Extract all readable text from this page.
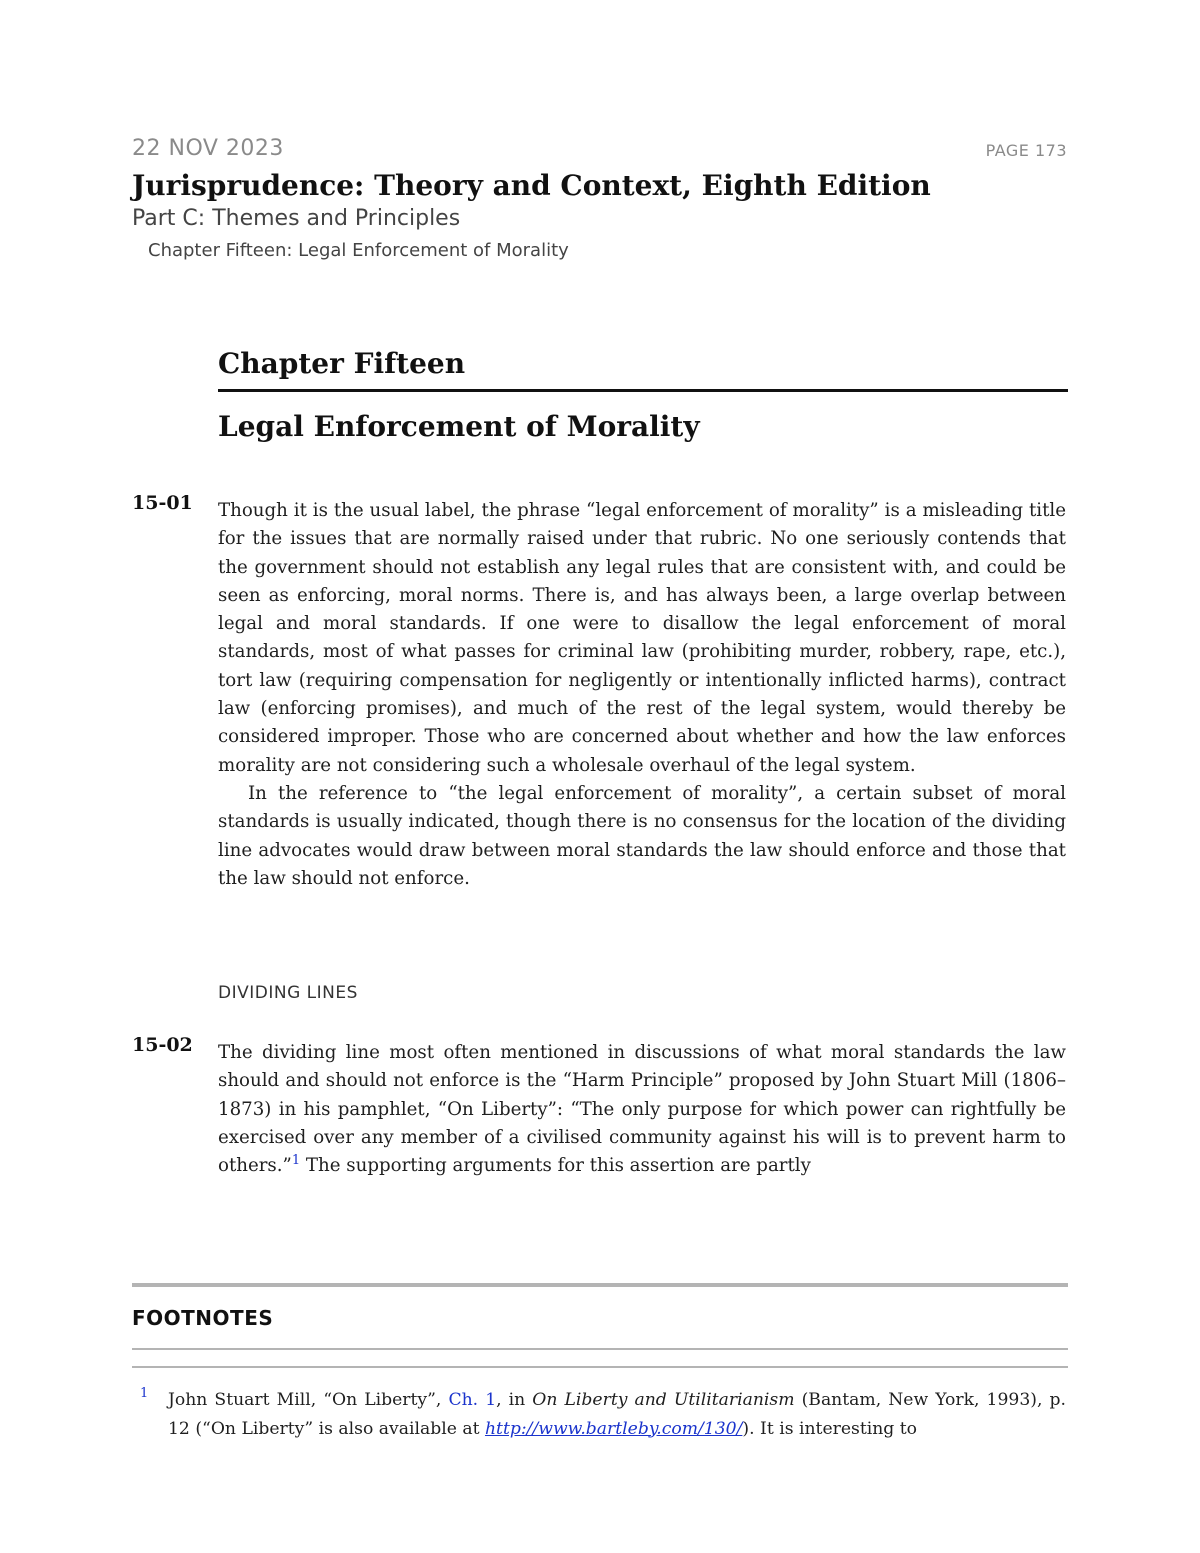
22 NOV 2023	PAGE 173
Jurisprudence: Theory and Context, Eighth Edition
Part C: Themes and Principles
Chapter Fifteen: Legal Enforcement of Morality
Chapter Fifteen
Legal Enforcement of Morality
15-01 Though it is the usual label, the phrase “legal enforcement of morality” is a misleading title for the issues that are normally raised under that rubric. No one seriously contends that the government should not establish any legal rules that are consistent with, and could be seen as enforcing, moral norms. There is, and has always been, a large overlap between legal and moral standards. If one were to disallow the legal enforcement of moral standards, most of what passes for criminal law (prohibiting murder, robbery, rape, etc.), tort law (requiring compensation for negligently or intentionally inflicted harms), contract law (enforcing promises), and much of the rest of the legal system, would thereby be considered improper. Those who are concerned about whether and how the law enforces morality are not considering such a wholesale overhaul of the legal system.
In the reference to “the legal enforcement of morality”, a certain subset of moral standards is usually indicated, though there is no consensus for the location of the dividing line advocates would draw between moral standards the law should enforce and those that the law should not enforce.
DIVIDING LINES
15-02 The dividing line most often mentioned in discussions of what moral standards the law should and should not enforce is the “Harm Principle” proposed by John Stuart Mill (1806–1873) in his pamphlet, “On Liberty”: “The only purpose for which power can rightfully be exercised over any member of a civilised community against his will is to prevent harm to others.”$^1$ The supporting arguments for this assertion are partly
FOOTNOTES
1 John Stuart Mill, “On Liberty”, Ch. 1, in On Liberty and Utilitarianism (Bantam, New York, 1993), p. 12 (“On Liberty” is also available at http://www.bartleby.com/130/). It is interesting to
